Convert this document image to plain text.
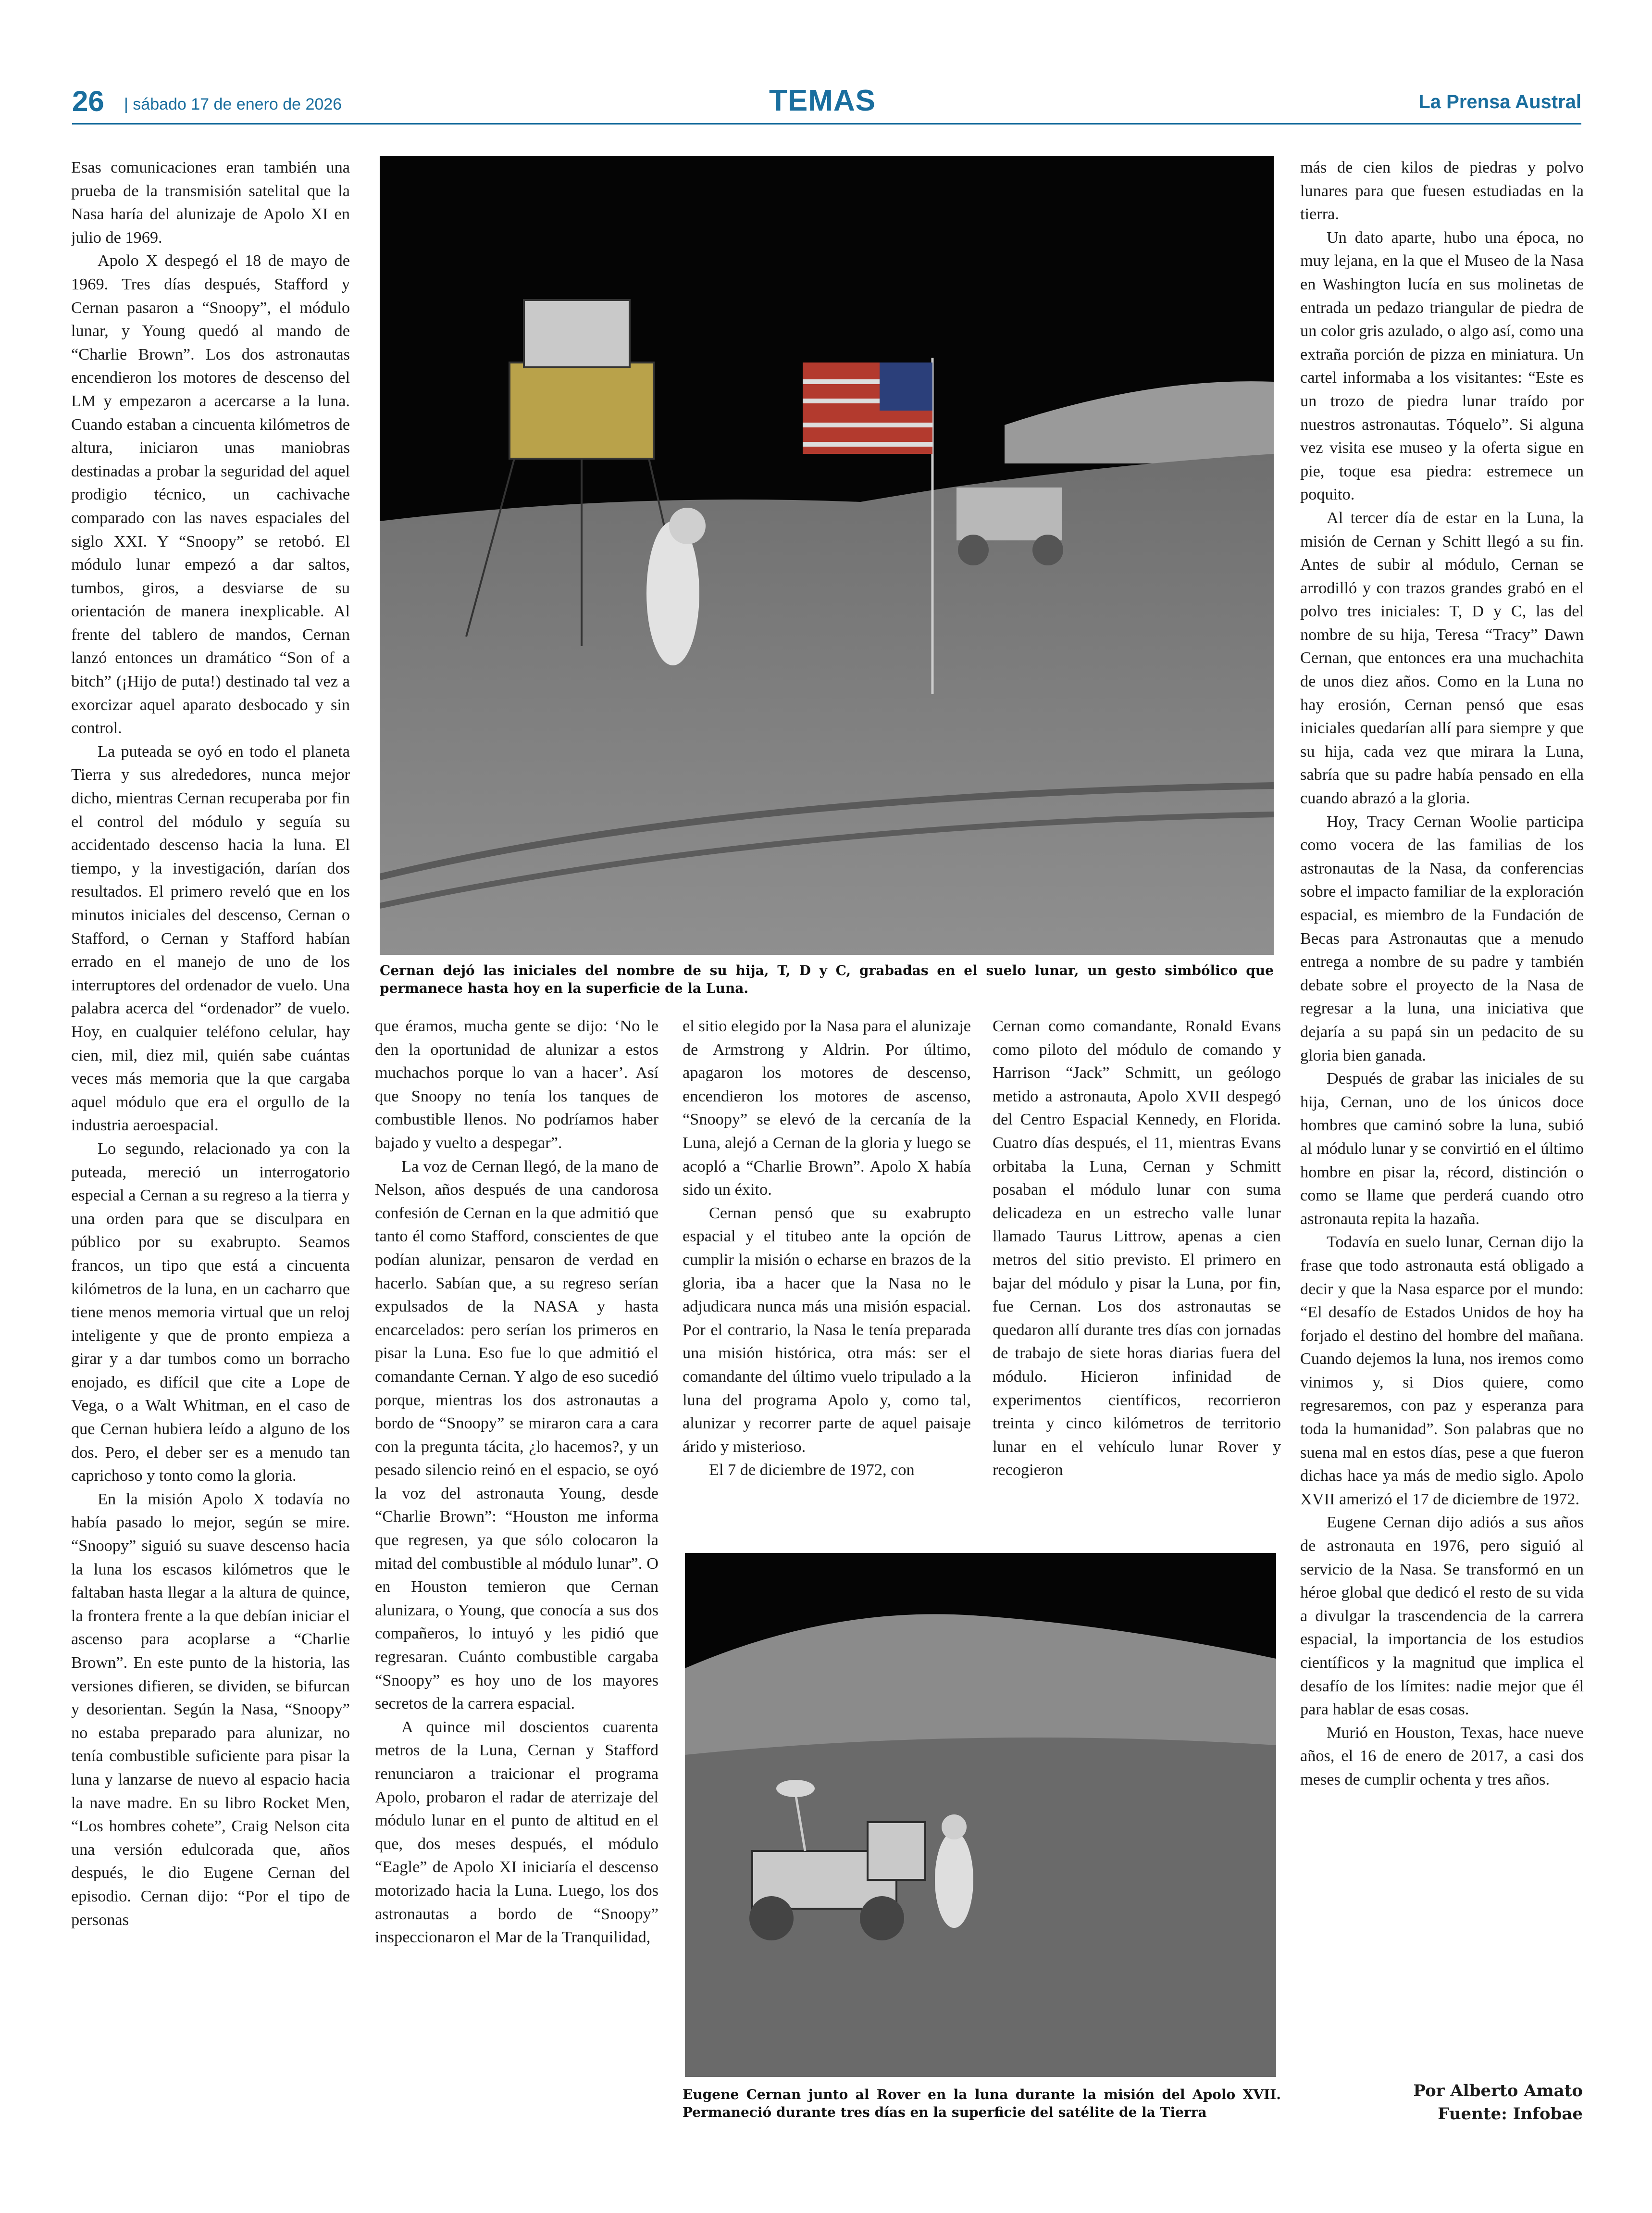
26 | sábado 17 de enero de 2026	TEMAS	La Prensa Austral

Esas comunicaciones eran también una prueba de la transmisión satelital que la Nasa haría del alunizaje de Apolo XI en julio de 1969.

Apolo X despegó el 18 de mayo de 1969. Tres días después, Stafford y Cernan pasaron a “Snoopy”, el módulo lunar, y Young quedó al mando de “Charlie Brown”. Los dos astronautas encendieron los motores de descenso del LM y empezaron a acercarse a la luna. Cuando estaban a cincuenta kilómetros de altura, iniciaron unas maniobras destinadas a probar la seguridad del aquel prodigio técnico, un cachivache comparado con las naves espaciales del siglo XXI. Y “Snoopy” se retobó. El módulo lunar empezó a dar saltos, tumbos, giros, a desviarse de su orientación de manera inexplicable. Al frente del tablero de mandos, Cernan lanzó entonces un dramático “Son of a bitch” (¡Hijo de puta!) destinado tal vez a exorcizar aquel aparato desbocado y sin control.

La puteada se oyó en todo el planeta Tierra y sus alrededores, nunca mejor dicho, mientras Cernan recuperaba por fin el control del módulo y seguía su accidentado descenso hacia la luna. El tiempo, y la investigación, darían dos resultados. El primero reveló que en los minutos iniciales del descenso, Cernan o Stafford, o Cernan y Stafford habían errado en el manejo de uno de los interruptores del ordenador de vuelo. Una palabra acerca del “ordenador” de vuelo. Hoy, en cualquier teléfono celular, hay cien, mil, diez mil, quién sabe cuántas veces más memoria que la que cargaba aquel módulo que era el orgullo de la industria aeroespacial.

Lo segundo, relacionado ya con la puteada, mereció un interrogatorio especial a Cernan a su regreso a la tierra y una orden para que se disculpara en público por su exabrupto. Seamos francos, un tipo que está a cincuenta kilómetros de la luna, en un cacharro que tiene menos memoria virtual que un reloj inteligente y que de pronto empieza a girar y a dar tumbos como un borracho enojado, es difícil que cite a Lope de Vega, o a Walt Whitman, en el caso de que Cernan hubiera leído a alguno de los dos. Pero, el deber ser es a menudo tan caprichoso y tonto como la gloria.

En la misión Apolo X todavía no había pasado lo mejor, según se mire. “Snoopy” siguió su suave descenso hacia la luna los escasos kilómetros que le faltaban hasta llegar a la altura de quince, la frontera frente a la que debían iniciar el ascenso para acoplarse a “Charlie Brown”. En este punto de la historia, las versiones difieren, se dividen, se bifurcan y desorientan. Según la Nasa, “Snoopy” no estaba preparado para alunizar, no tenía combustible suficiente para pisar la luna y lanzarse de nuevo al espacio hacia la nave madre. En su libro Rocket Men, “Los hombres cohete”, Craig Nelson cita una versión edulcorada que, años después, le dio Eugene Cernan del episodio. Cernan dijo: “Por el tipo de personas

Cernan dejó las iniciales del nombre de su hija, T, D y C, grabadas en el suelo lunar, un gesto simbólico que permanece hasta hoy en la superficie de la Luna.

que éramos, mucha gente se dijo: ‘No le den la oportunidad de alunizar a estos muchachos porque lo van a hacer’. Así que Snoopy no tenía los tanques de combustible llenos. No podríamos haber bajado y vuelto a despegar”.

La voz de Cernan llegó, de la mano de Nelson, años después de una candorosa confesión de Cernan en la que admitió que tanto él como Stafford, conscientes de que podían alunizar, pensaron de verdad en hacerlo. Sabían que, a su regreso serían expulsados de la NASA y hasta encarcelados: pero serían los primeros en pisar la Luna. Eso fue lo que admitió el comandante Cernan. Y algo de eso sucedió porque, mientras los dos astronautas a bordo de “Snoopy” se miraron cara a cara con la pregunta tácita, ¿lo hacemos?, y un pesado silencio reinó en el espacio, se oyó la voz del astronauta Young, desde “Charlie Brown”: “Houston me informa que regresen, ya que sólo colocaron la mitad del combustible al módulo lunar”. O en Houston temieron que Cernan alunizara, o Young, que conocía a sus dos compañeros, lo intuyó y les pidió que regresaran. Cuánto combustible cargaba “Snoopy” es hoy uno de los mayores secretos de la carrera espacial.

A quince mil doscientos cuarenta metros de la Luna, Cernan y Stafford renunciaron a traicionar el programa Apolo, probaron el radar de aterrizaje del módulo lunar en el punto de altitud en el que, dos meses después, el módulo “Eagle” de Apolo XI iniciaría el descenso motorizado hacia la Luna. Luego, los dos astronautas a bordo de “Snoopy” inspeccionaron el Mar de la Tranquilidad,

el sitio elegido por la Nasa para el alunizaje de Armstrong y Aldrin. Por último, apagaron los motores de descenso, encendieron los motores de ascenso, “Snoopy” se elevó de la cercanía de la Luna, alejó a Cernan de la gloria y luego se acopló a “Charlie Brown”. Apolo X había sido un éxito.

Cernan pensó que su exabrupto espacial y el titubeo ante la opción de cumplir la misión o echarse en brazos de la gloria, iba a hacer que la Nasa no le adjudicara nunca más una misión espacial. Por el contrario, la Nasa le tenía preparada una misión histórica, otra más: ser el comandante del último vuelo tripulado a la luna del programa Apolo y, como tal, alunizar y recorrer parte de aquel paisaje árido y misterioso.

El 7 de diciembre de 1972, con

Cernan como comandante, Ronald Evans como piloto del módulo de comando y Harrison “Jack” Schmitt, un geólogo metido a astronauta, Apolo XVII despegó del Centro Espacial Kennedy, en Florida. Cuatro días después, el 11, mientras Evans orbitaba la Luna, Cernan y Schmitt posaban el módulo lunar con suma delicadeza en un estrecho valle lunar llamado Taurus Littrow, apenas a cien metros del sitio previsto. El primero en bajar del módulo y pisar la Luna, por fin, fue Cernan. Los dos astronautas se quedaron allí durante tres días con jornadas de trabajo de siete horas diarias fuera del módulo. Hicieron infinidad de experimentos científicos, recorrieron treinta y cinco kilómetros de territorio lunar en el vehículo lunar Rover y recogieron

Eugene Cernan junto al Rover en la luna durante la misión del Apolo XVII. Permaneció durante tres días en la superficie del satélite de la Tierra

más de cien kilos de piedras y polvo lunares para que fuesen estudiadas en la tierra.

Un dato aparte, hubo una época, no muy lejana, en la que el Museo de la Nasa en Washington lucía en sus molinetas de entrada un pedazo triangular de piedra de un color gris azulado, o algo así, como una extraña porción de pizza en miniatura. Un cartel informaba a los visitantes: “Este es un trozo de piedra lunar traído por nuestros astronautas. Tóquelo”. Si alguna vez visita ese museo y la oferta sigue en pie, toque esa piedra: estremece un poquito.

Al tercer día de estar en la Luna, la misión de Cernan y Schitt llegó a su fin. Antes de subir al módulo, Cernan se arrodilló y con trazos grandes grabó en el polvo tres iniciales: T, D y C, las del nombre de su hija, Teresa “Tracy” Dawn Cernan, que entonces era una muchachita de unos diez años. Como en la Luna no hay erosión, Cernan pensó que esas iniciales quedarían allí para siempre y que su hija, cada vez que mirara la Luna, sabría que su padre había pensado en ella cuando abrazó a la gloria.

Hoy, Tracy Cernan Woolie participa como vocera de las familias de los astronautas de la Nasa, da conferencias sobre el impacto familiar de la exploración espacial, es miembro de la Fundación de Becas para Astronautas que a menudo entrega a nombre de su padre y también debate sobre el proyecto de la Nasa de regresar a la luna, una iniciativa que dejaría a su papá sin un pedacito de su gloria bien ganada.

Después de grabar las iniciales de su hija, Cernan, uno de los únicos doce hombres que caminó sobre la luna, subió al módulo lunar y se convirtió en el último hombre en pisar la, récord, distinción o como se llame que perderá cuando otro astronauta repita la hazaña.

Todavía en suelo lunar, Cernan dijo la frase que todo astronauta está obligado a decir y que la Nasa esparce por el mundo: “El desafío de Estados Unidos de hoy ha forjado el destino del hombre del mañana. Cuando dejemos la luna, nos iremos como vinimos y, si Dios quiere, como regresaremos, con paz y esperanza para toda la humanidad”. Son palabras que no suena mal en estos días, pese a que fueron dichas hace ya más de medio siglo. Apolo XVII amerizó el 17 de diciembre de 1972.

Eugene Cernan dijo adiós a sus años de astronauta en 1976, pero siguió al servicio de la Nasa. Se transformó en un héroe global que dedicó el resto de su vida a divulgar la trascendencia de la carrera espacial, la importancia de los estudios científicos y la magnitud que implica el desafío de los límites: nadie mejor que él para hablar de esas cosas.

Murió en Houston, Texas, hace nueve años, el 16 de enero de 2017, a casi dos meses de cumplir ochenta y tres años.

Por Alberto Amato
Fuente: Infobae
